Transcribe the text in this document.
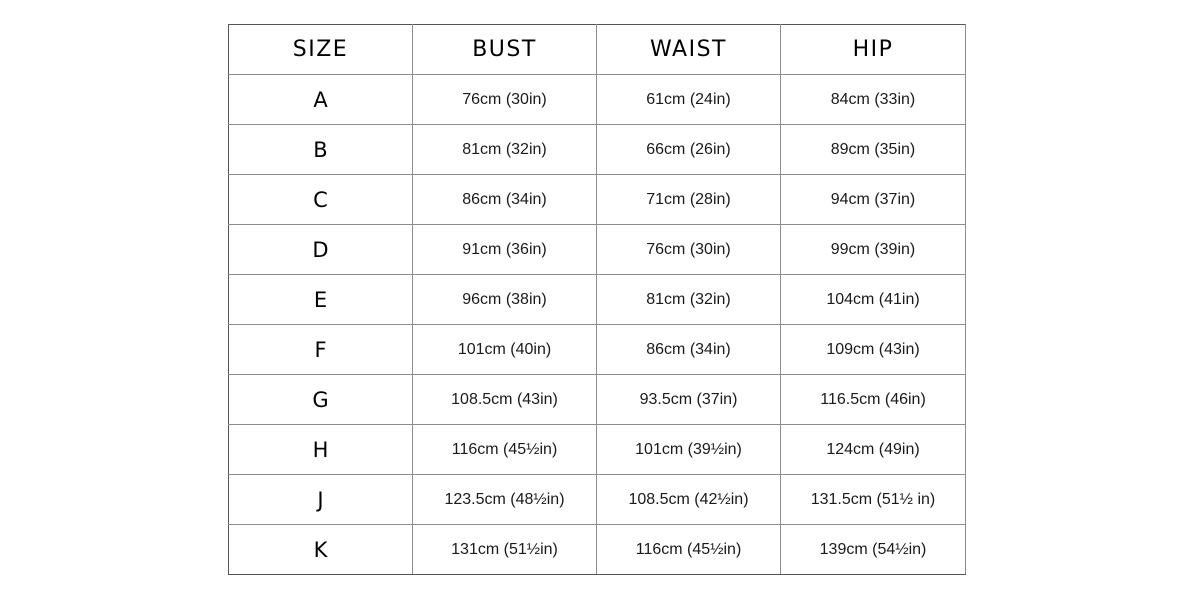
SIZE	BUST	WAIST	HIP
A	76cm (30in)	61cm (24in)	84cm (33in)
B	81cm (32in)	66cm (26in)	89cm (35in)
C	86cm (34in)	71cm (28in)	94cm (37in)
D	91cm (36in)	76cm (30in)	99cm (39in)
E	96cm (38in)	81cm (32in)	104cm (41in)
F	101cm (40in)	86cm (34in)	109cm (43in)
G	108.5cm (43in)	93.5cm (37in)	116.5cm (46in)
H	116cm (45½in)	101cm (39½in)	124cm (49in)
J	123.5cm (48½in)	108.5cm (42½in)	131.5cm (51½ in)
K	131cm (51½in)	116cm (45½in)	139cm (54½in)
